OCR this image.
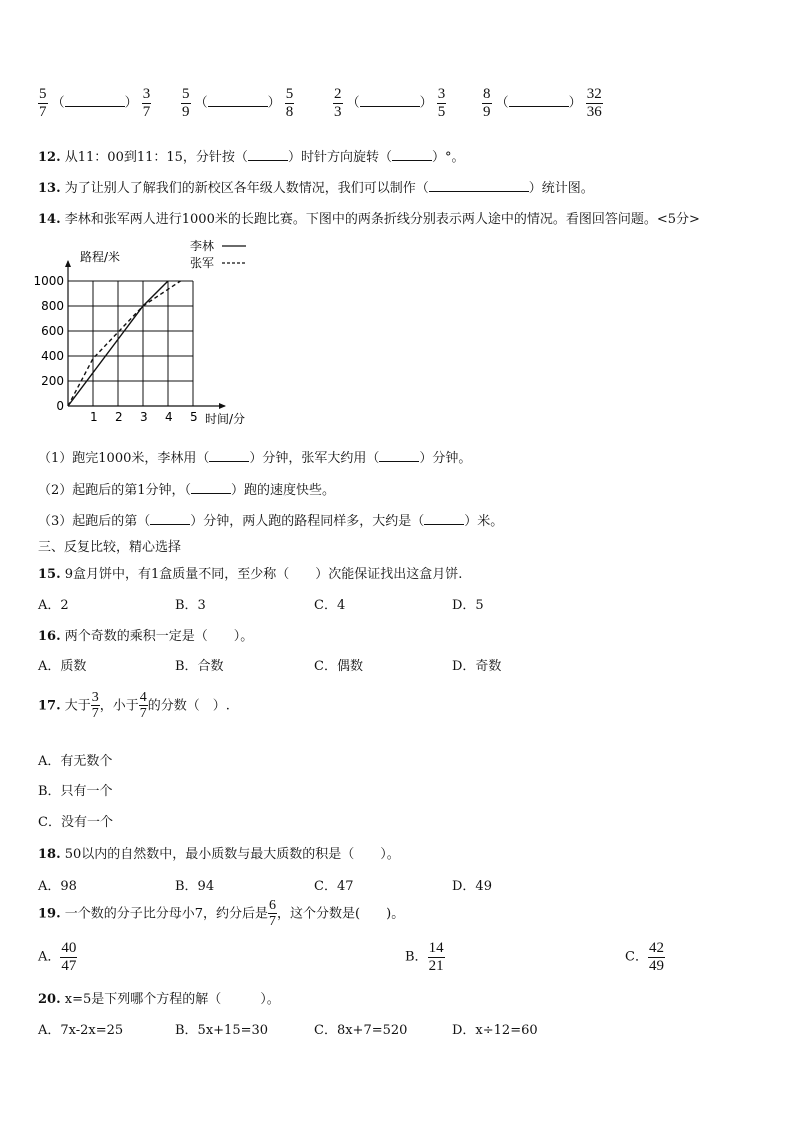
$\frac{5}{7}$ （	） $\frac{3}{7} \frac{5}{9}$ （	） $\frac{5}{8}$	$\frac{2}{3}$ （	） $\frac{3}{5} \frac{8}{9}$ （	） $\frac{32}{36}$
12. 从11：00到11：15，分针按（	）时针方向旋转（	）°。
13. 为了让别人了解我们的新校区各年级人数情况，我们可以制作（	）统计图。
14. 李林和张军两人进行1000米的长跑比赛。下图中的两条折线分别表示两人途中的情况。看图回答问题。<5分>
1 2 3 4 5
200
400
600
800
1000
0
路程/米
时间/分
李林
张军
（1）跑完1000米，李林用（	）分钟，张军大约用（	）分钟。
（2）起跑后的第1分钟，（	）跑的速度快些。
（3）起跑后的第（	）分钟，两人跑的路程同样多，大约是（	）米。
三、反复比较，精心选择
15. 9盒月饼中，有1盒质量不同，至少称（　　）次能保证找出这盒月饼.
A．2	B．3	C．4	D．5
16. 两个奇数的乘积一定是（　　）。
A．质数	B．合数	C．偶数	D．奇数
17. 大于 $\frac{3}{7}$ ，小于 $\frac{4}{7}$ 的分数（　）.
A．有无数个
B．只有一个
C．没有一个
18. 50以内的自然数中，最小质数与最大质数的积是（　　）。
A．98	B．94	C．47	D．49
19. 一个数的分子比分母小7，约分后是 $\frac{6}{7}$ ，这个分数是(　　)。
A． $\frac{40}{47}$	B． $\frac{14}{21}$	C． $\frac{42}{49}$
20. x=5是下列哪个方程的解（　　　）。
A．7x-2x=25	B．5x+15=30	C．8x+7=520	D．x÷12=60
